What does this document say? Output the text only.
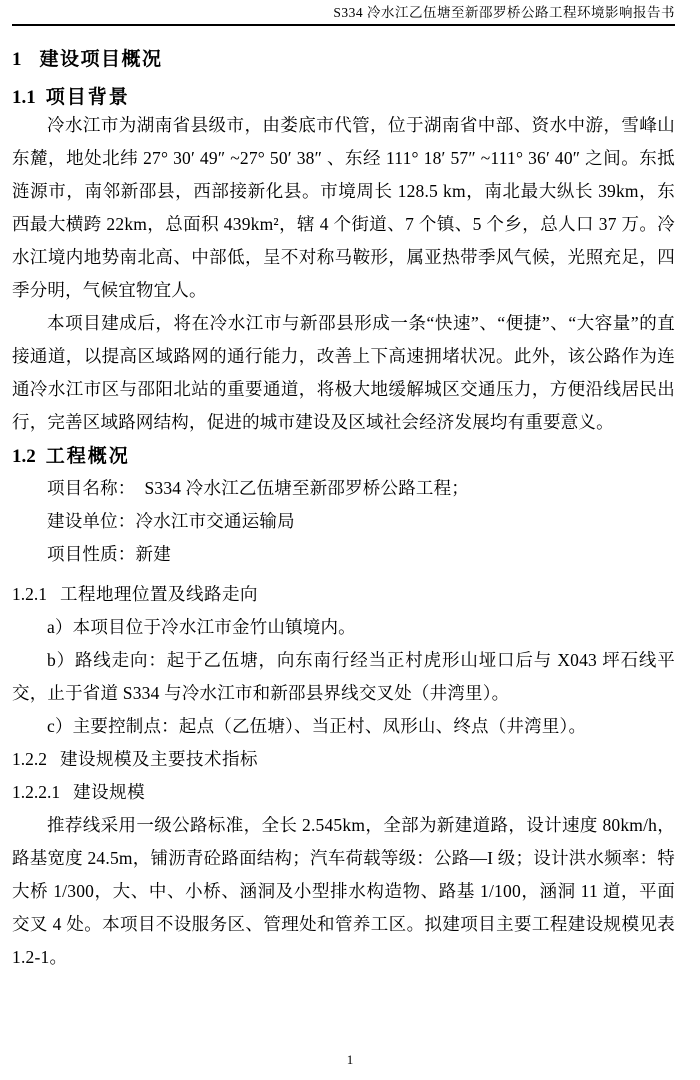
S334 冷水江乙伍塘至新邵罗桥公路工程环境影响报告书
1 建设项目概况
1.1 项目背景

冷水江市为湖南省县级市，由娄底市代管，位于湖南省中部、资水中游，雪峰山东麓，地处北纬 27° 30′ 49″ ~27° 50′ 38″ 、东经 111° 18′ 57″ ~111° 36′ 40″ 之间。东抵涟源市，南邻新邵县，西部接新化县。市境周长 128.5 km，南北最大纵长 39km，东西最大横跨 22km，总面积 439km²，辖 4 个街道、7 个镇、5 个乡，总人口 37 万。冷水江境内地势南北高、中部低，呈不对称马鞍形，属亚热带季风气候，光照充足，四季分明，气候宜物宜人。

本项目建成后，将在冷水江市与新邵县形成一条“快速”、“便捷”、“大容量”的直接通道，以提高区域路网的通行能力，改善上下高速拥堵状况。此外，该公路作为连通冷水江市区与邵阳北站的重要通道，将极大地缓解城区交通压力，方便沿线居民出行，完善区域路网结构，促进的城市建设及区域社会经济发展均有重要意义。

1.2 工程概况

项目名称：　S334 冷水江乙伍塘至新邵罗桥公路工程；

建设单位：冷水江市交通运输局

项目性质：新建

1.2.1 工程地理位置及线路走向

a）本项目位于冷水江市金竹山镇境内。

b）路线走向：起于乙伍塘，向东南行经当正村虎形山垭口后与 X043 坪石线平交，止于省道 S334 与冷水江市和新邵县界线交叉处（井湾里）。

c）主要控制点：起点（乙伍塘）、当正村、凤形山、终点（井湾里）。

1.2.2 建设规模及主要技术指标
1.2.2.1 建设规模

推荐线采用一级公路标准，全长 2.545km，全部为新建道路，设计速度 80km/h，路基宽度 24.5m，铺沥青砼路面结构；汽车荷载等级：公路—I 级；设计洪水频率：特大桥 1/300，大、中、小桥、涵洞及小型排水构造物、路基 1/100，涵洞 11 道，平面交叉 4 处。本项目不设服务区、管理处和管养工区。拟建项目主要工程建设规模见表 1.2-1。

1
